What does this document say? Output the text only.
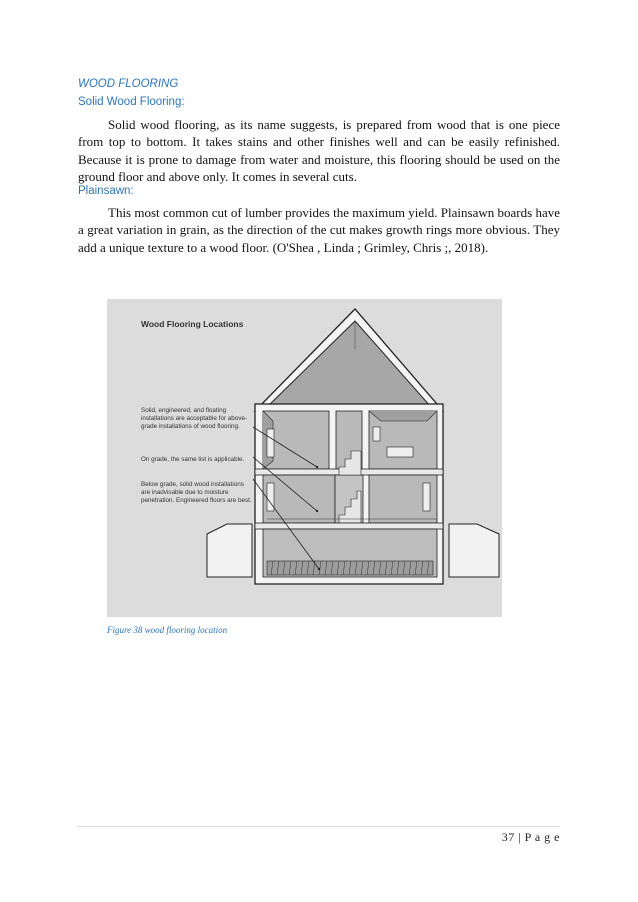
WOOD FLOORING
Solid Wood Flooring:

Solid wood flooring, as its name suggests, is prepared from wood that is one piece from top to bottom. It takes stains and other finishes well and can be easily refinished. Because it is prone to damage from water and moisture, this flooring should be used on the ground floor and above only. It comes in several cuts.

Plainsawn:

This most common cut of lumber provides the maximum yield. Plainsawn boards have a great variation in grain, as the direction of the cut makes growth rings more obvious. They add a unique texture to a wood floor. (O'Shea , Linda ; Grimley, Chris ;, 2018).

Wood Flooring Locations
Solid, engineered, and floating installations are acceptable for above-grade installations of wood flooring.
On grade, the same list is applicable.
Below grade, solid wood installations are inadvisable due to moisture penetration. Engineered floors are best.
Figure 38 wood flooring location
37 | P a g e
